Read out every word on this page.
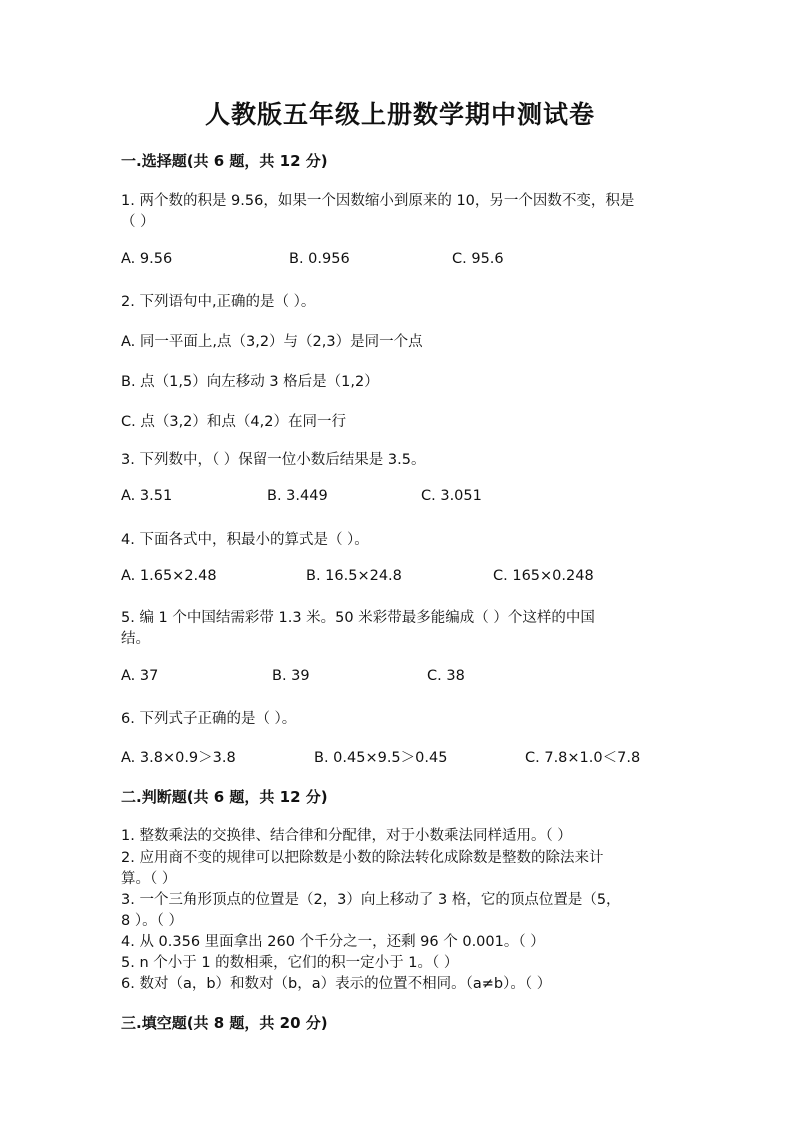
人教版五年级上册数学期中测试卷
一.选择题(共 6 题，共 12 分)
1. 两个数的积是 9.56，如果一个因数缩小到原来的 10，另一个因数不变，积是
（ ）
A. 9.56	B. 0.956	C. 95.6
2. 下列语句中,正确的是（ ）。
A. 同一平面上,点（3,2）与（2,3）是同一个点
B. 点（1,5）向左移动 3 格后是（1,2）
C. 点（3,2）和点（4,2）在同一行
3. 下列数中，（ ）保留一位小数后结果是 3.5。
A. 3.51	B. 3.449	C. 3.051
4. 下面各式中，积最小的算式是（ ）。
A. 1.65×2.48	B. 16.5×24.8	C. 165×0.248
5. 编 1 个中国结需彩带 1.3 米。50 米彩带最多能编成（ ）个这样的中国
结。
A. 37	B. 39	C. 38
6. 下列式子正确的是（ ）。
A. 3.8×0.9＞3.8	B. 0.45×9.5＞0.45	C. 7.8×1.0＜7.8
二.判断题(共 6 题，共 12 分)
1. 整数乘法的交换律、结合律和分配律，对于小数乘法同样适用。（ ）
2. 应用商不变的规律可以把除数是小数的除法转化成除数是整数的除法来计
算。（ ）
3. 一个三角形顶点的位置是（2，3）向上移动了 3 格，它的顶点位置是（5，
8 ）。（ ）
4. 从 0.356 里面拿出 260 个千分之一，还剩 96 个 0.001。（ ）
5. n 个小于 1 的数相乘，它们的积一定小于 1。（ ）
6. 数对（a，b）和数对（b，a）表示的位置不相同。（a≠b）。（ ）
三.填空题(共 8 题，共 20 分)
